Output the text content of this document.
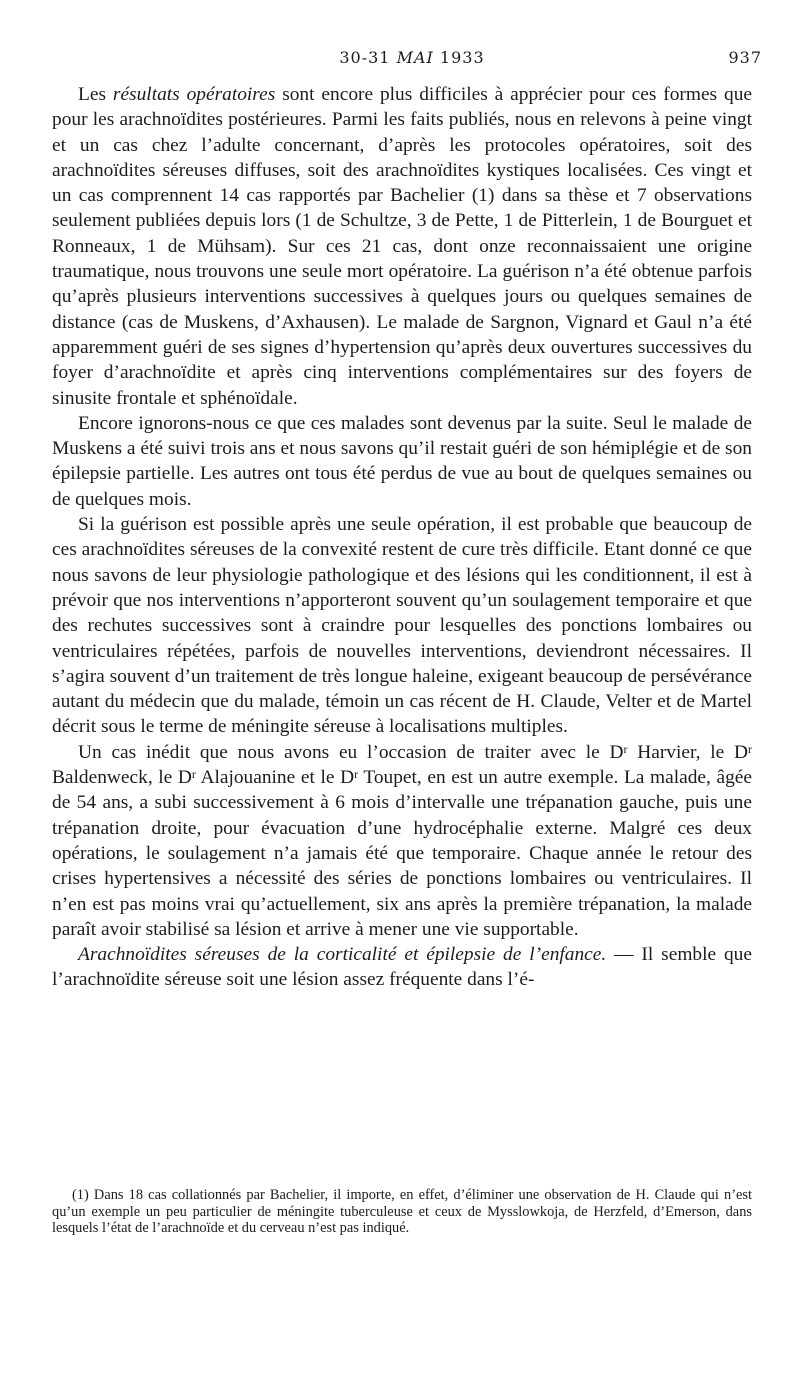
30-31 MAI 1933	937

Les résultats opératoires sont encore plus difficiles à apprécier pour ces formes que pour les arachnoïdites postérieures. Parmi les faits publiés, nous en relevons à peine vingt et un cas chez l’adulte concernant, d’après les protocoles opératoires, soit des arachnoïdites séreuses diffuses, soit des arachnoïdites kystiques localisées. Ces vingt et un cas comprennent 14 cas rapportés par Bachelier (1) dans sa thèse et 7 observations seulement publiées depuis lors (1 de Schultze, 3 de Pette, 1 de Pitterlein, 1 de Bourguet et Ronneaux, 1 de Mühsam). Sur ces 21 cas, dont onze reconnaissaient une origine traumatique, nous trouvons une seule mort opératoire. La guérison n’a été obtenue parfois qu’après plusieurs interventions successives à quelques jours ou quelques semaines de distance (cas de Muskens, d’Axhausen). Le malade de Sargnon, Vignard et Gaul n’a été apparemment guéri de ses signes d’hypertension qu’après deux ouvertures successives du foyer d’arachnoïdite et après cinq interventions complémentaires sur des foyers de sinusite frontale et sphénoïdale.

Encore ignorons-nous ce que ces malades sont devenus par la suite. Seul le malade de Muskens a été suivi trois ans et nous savons qu’il restait guéri de son hémiplégie et de son épilepsie partielle. Les autres ont tous été perdus de vue au bout de quelques semaines ou de quelques mois.

Si la guérison est possible après une seule opération, il est probable que beaucoup de ces arachnoïdites séreuses de la convexité restent de cure très difficile. Etant donné ce que nous savons de leur physiologie pathologique et des lésions qui les conditionnent, il est à prévoir que nos interventions n’apporteront souvent qu’un soulagement temporaire et que des rechutes successives sont à craindre pour lesquelles des ponctions lombaires ou ventriculaires répétées, parfois de nouvelles interventions, deviendront nécessaires. Il s’agira souvent d’un traitement de très longue haleine, exigeant beaucoup de persévérance autant du médecin que du malade, témoin un cas récent de H. Claude, Velter et de Martel décrit sous le terme de méningite séreuse à localisations multiples.

Un cas inédit que nous avons eu l’occasion de traiter avec le $D^r$ Harvier, le $D^r$ Baldenweck, le $D^r$ Alajouanine et le $D^r$ Toupet, en est un autre exemple. La malade, âgée de 54 ans, a subi successivement à 6 mois d’intervalle une trépanation gauche, puis une trépanation droite, pour évacuation d’une hydrocéphalie externe. Malgré ces deux opérations, le soulagement n’a jamais été que temporaire. Chaque année le retour des crises hypertensives a nécessité des séries de ponctions lombaires ou ventriculaires. Il n’en est pas moins vrai qu’actuellement, six ans après la première trépanation, la malade paraît avoir stabilisé sa lésion et arrive à mener une vie supportable.

Arachnoïdites séreuses de la corticalité et épilepsie de l’enfance. — Il semble que l’arachnoïdite séreuse soit une lésion assez fréquente dans l’é-

(1) Dans 18 cas collationnés par Bachelier, il importe, en effet, d’éliminer une observation de H. Claude qui n’est qu’un exemple un peu particulier de méningite tuberculeuse et ceux de Mysslowkoja, de Herzfeld, d’Emerson, dans lesquels l’état de l’arachnoïde et du cerveau n’est pas indiqué.
